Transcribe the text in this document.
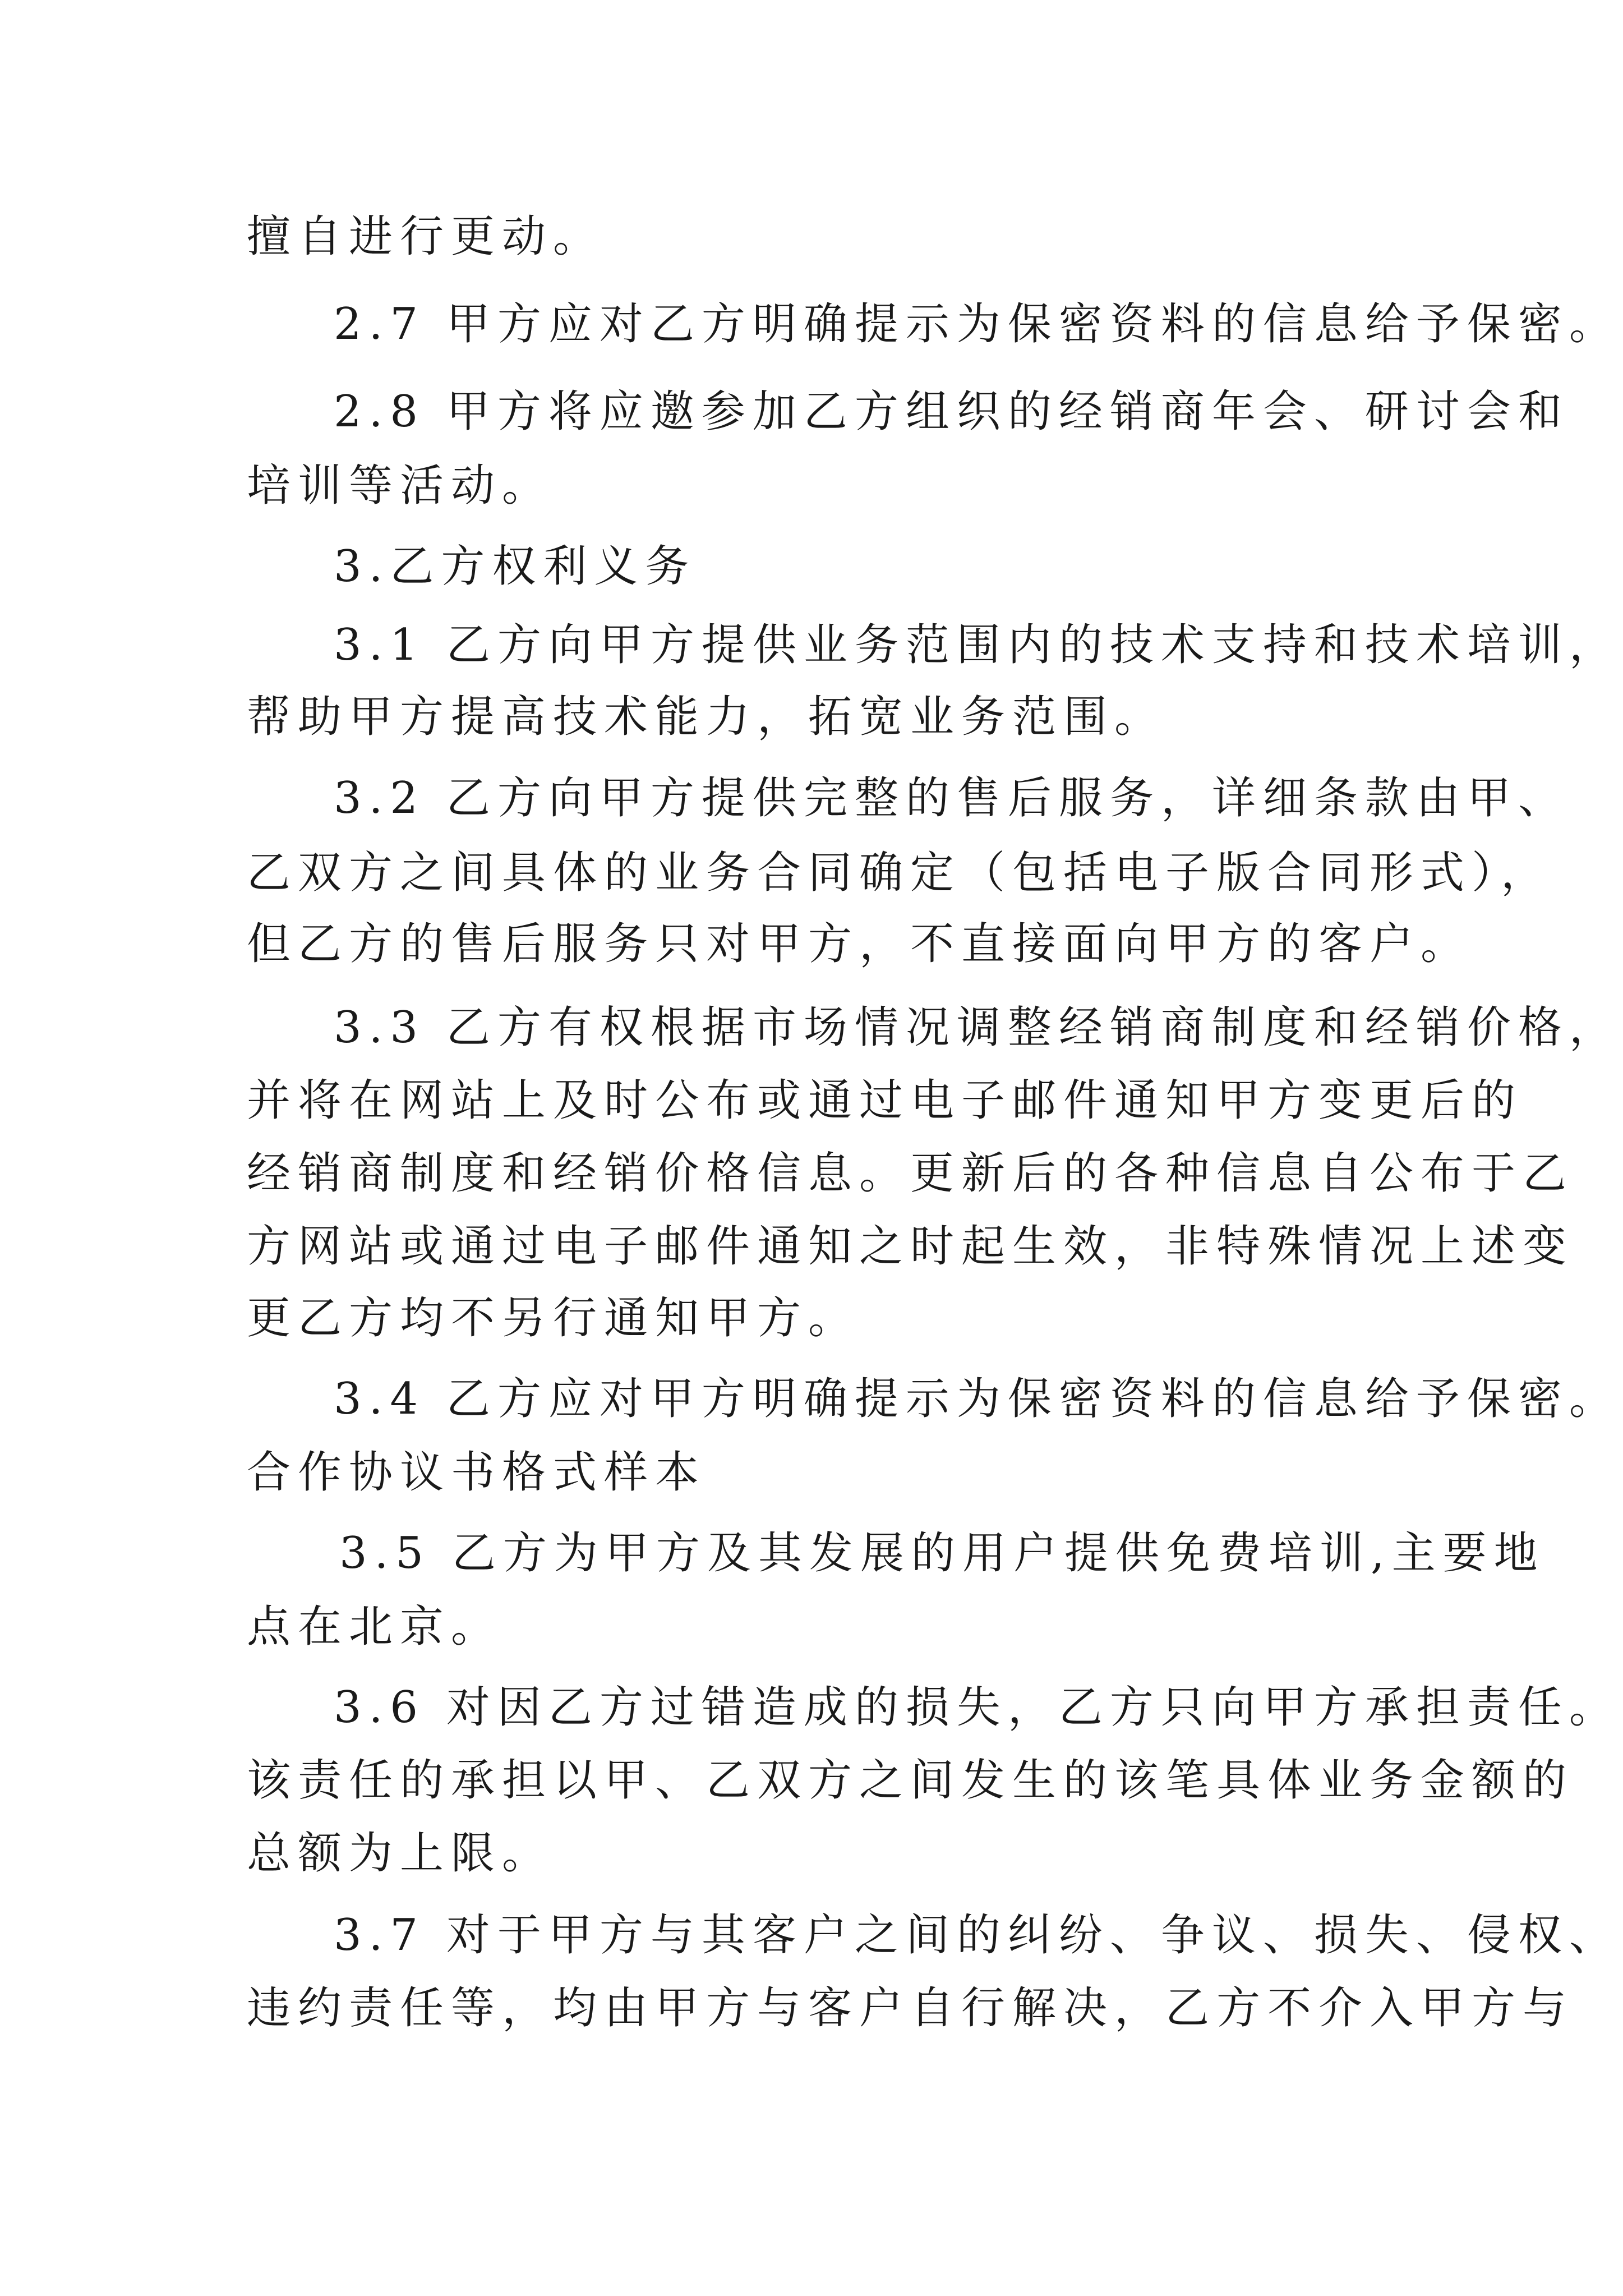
擅自进行更动。
2.7 甲方应对乙方明确提示为保密资料的信息给予保密。
2.8 甲方将应邀参加乙方组织的经销商年会、研讨会和
培训等活动。
3.乙方权利义务
3.1 乙方向甲方提供业务范围内的技术支持和技术培训，
帮助甲方提高技术能力，拓宽业务范围。
3.2 乙方向甲方提供完整的售后服务，详细条款由甲、
乙双方之间具体的业务合同确定（包括电子版合同形式），
但乙方的售后服务只对甲方，不直接面向甲方的客户。
3.3 乙方有权根据市场情况调整经销商制度和经销价格，
并将在网站上及时公布或通过电子邮件通知甲方变更后的
经销商制度和经销价格信息。更新后的各种信息自公布于乙
方网站或通过电子邮件通知之时起生效，非特殊情况上述变
更乙方均不另行通知甲方。
3.4 乙方应对甲方明确提示为保密资料的信息给予保密。
合作协议书格式样本
3.5 乙方为甲方及其发展的用户提供免费培训,主要地
点在北京。
3.6 对因乙方过错造成的损失，乙方只向甲方承担责任。
该责任的承担以甲、乙双方之间发生的该笔具体业务金额的
总额为上限。
3.7 对于甲方与其客户之间的纠纷、争议、损失、侵权、
违约责任等，均由甲方与客户自行解决，乙方不介入甲方与
